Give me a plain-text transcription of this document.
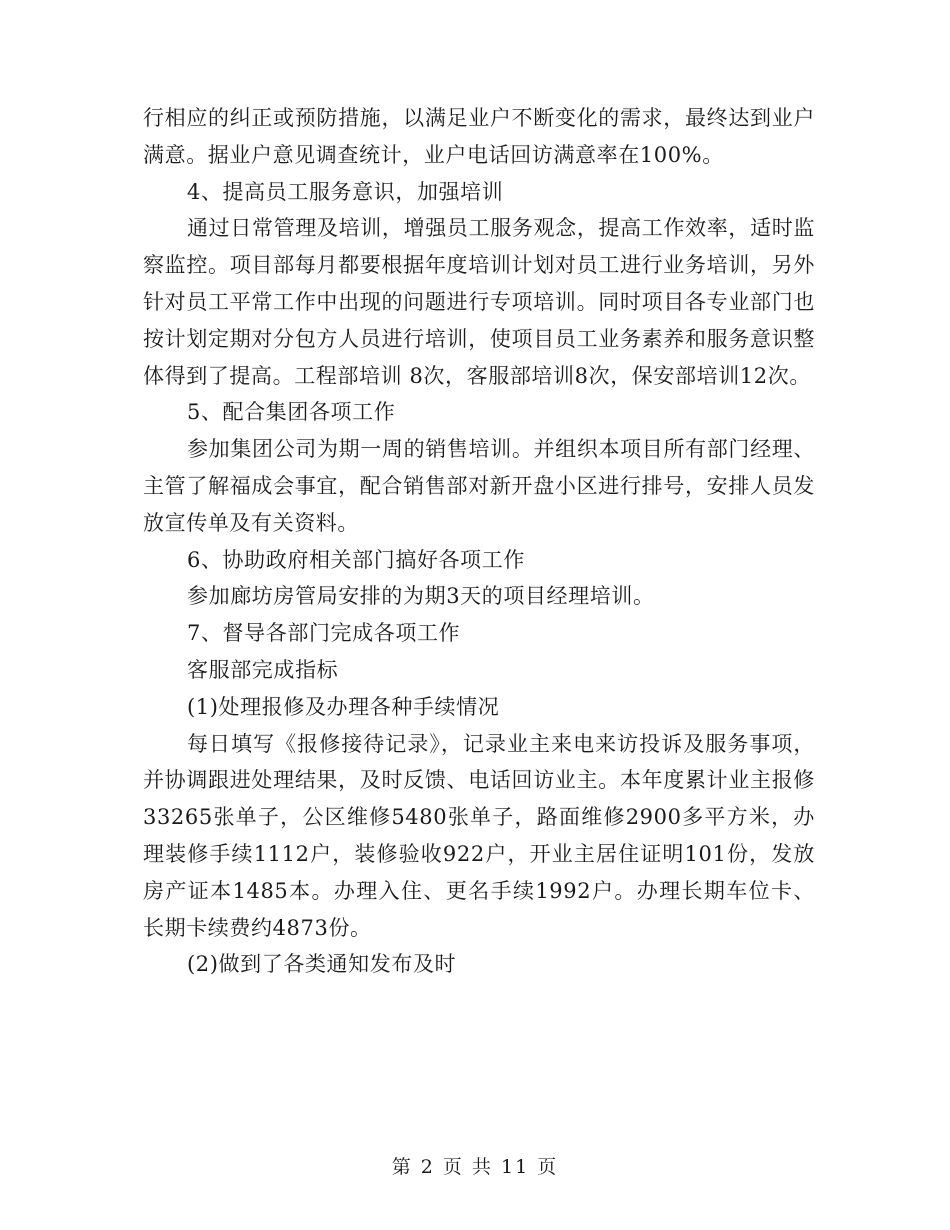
行相应的纠正或预防措施，以满足业户不断变化的需求，最终达到业户满意。据业户意见调查统计，业户电话回访满意率在100%。

4、提高员工服务意识，加强培训

通过日常管理及培训，增强员工服务观念，提高工作效率，适时监察监控。项目部每月都要根据年度培训计划对员工进行业务培训，另外针对员工平常工作中出现的问题进行专项培训。同时项目各专业部门也按计划定期对分包方人员进行培训，使项目员工业务素养和服务意识整体得到了提高。工程部培训 8次，客服部培训8次，保安部培训12次。

5、配合集团各项工作

参加集团公司为期一周的销售培训。并组织本项目所有部门经理、主管了解福成会事宜，配合销售部对新开盘小区进行排号，安排人员发放宣传单及有关资料。

6、协助政府相关部门搞好各项工作

参加廊坊房管局安排的为期3天的项目经理培训。

7、督导各部门完成各项工作

客服部完成指标

(1)处理报修及办理各种手续情况

每日填写《报修接待记录》，记录业主来电来访投诉及服务事项，并协调跟进处理结果，及时反馈、电话回访业主。本年度累计业主报修33265张单子，公区维修5480张单子，路面维修2900多平方米，办理装修手续1112户，装修验收922户，开业主居住证明101份，发放房产证本1485本。办理入住、更名手续1992户。办理长期车位卡、长期卡续费约4873份。

(2)做到了各类通知发布及时

第 2 页 共 11 页
